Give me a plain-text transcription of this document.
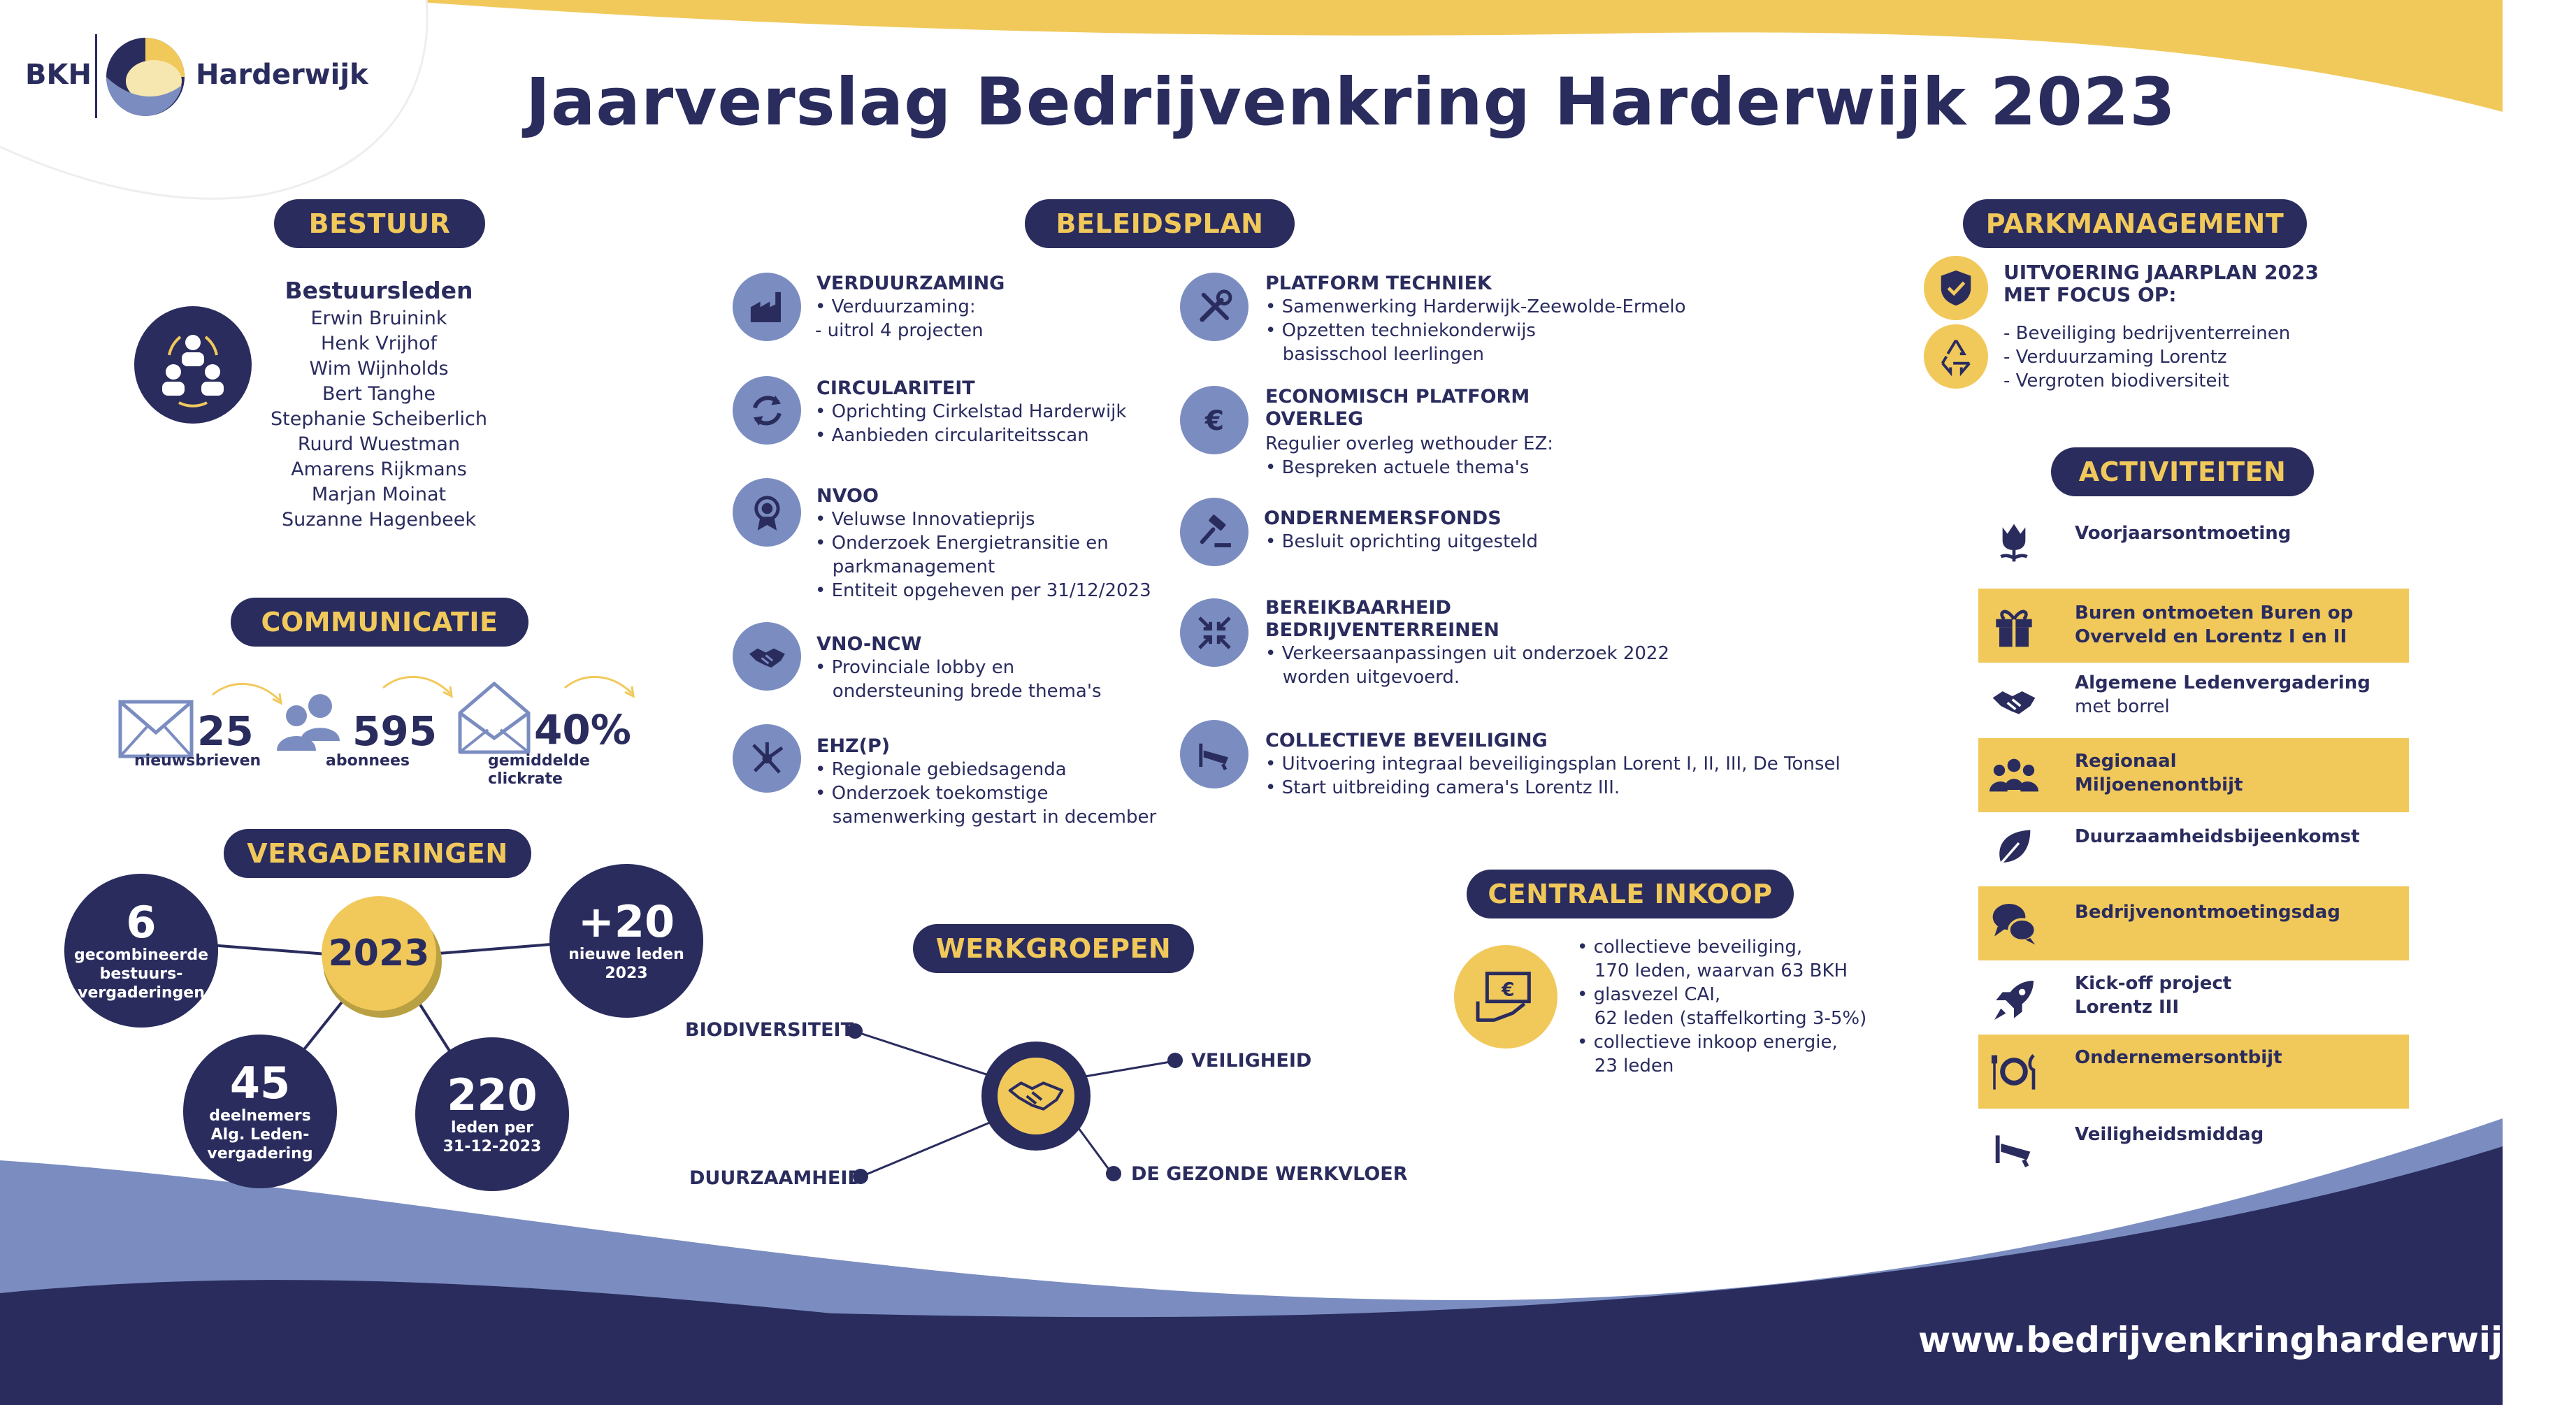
BKH	Harderwijk Jaarverslag Bedrijvenkring Harderwijk 2023
BESTUUR
Bestuursleden
Erwin Bruinink
Henk Vrijhof
Wim Wijnholds
Bert Tanghe
Stephanie Scheiberlich
Ruurd Wuestman
Amarens Rijkmans
Marjan Moinat
Suzanne Hagenbeek
COMMUNICATIE
25
nieuwsbrieven
595
abonnees
40%
gemiddelde
clickrate
VERGADERINGEN
2023
6
gecombineerde
bestuurs-
vergaderingen
+20
nieuwe leden
2023
45
deelnemers
Alg. Leden-
vergadering
220
leden per
31-12-2023
BELEIDSPLAN
VERDUURZAMING
• Verduurzaming:
- uitrol 4 projecten
CIRCULARITEIT
• Oprichting Cirkelstad Harderwijk
• Aanbieden circulariteitsscan
NVOO
• Veluwse Innovatieprijs
• Onderzoek Energietransitie en
parkmanagement
• Entiteit opgeheven per 31/12/2023
VNO-NCW
• Provinciale lobby en
ondersteuning brede thema's
EHZ(P)
• Regionale gebiedsagenda
• Onderzoek toekomstige
samenwerking gestart in december
€
PLATFORM TECHNIEK
• Samenwerking Harderwijk-Zeewolde-Ermelo
• Opzetten techniekonderwijs
basisschool leerlingen
ECONOMISCH PLATFORM
OVERLEG
Regulier overleg wethouder EZ:
• Bespreken actuele thema's
ONDERNEMERSFONDS
• Besluit oprichting uitgesteld
BEREIKBAARHEID
BEDRIJVENTERREINEN
• Verkeersaanpassingen uit onderzoek 2022
worden uitgevoerd.
COLLECTIEVE BEVEILIGING
• Uitvoering integraal beveiligingsplan Lorent I, II, III, De Tonsel
• Start uitbreiding camera's Lorentz III.
WERKGROEPEN
BIODIVERSITEIT
VEILIGHEID
DUURZAAMHEID	DE GEZONDE WERKVLOER
CENTRALE INKOOP
€
• collectieve beveiliging,
170 leden, waarvan 63 BKH
• glasvezel CAI,
62 leden (staffelkorting 3-5%)
• collectieve inkoop energie,
23 leden
PARKMANAGEMENT
UITVOERING JAARPLAN 2023
MET FOCUS OP:
- Beveiliging bedrijventerreinen
- Verduurzaming Lorentz
- Vergroten biodiversiteit
ACTIVITEITEN
Voorjaarsontmoeting
Buren ontmoeten Buren op
Overveld en Lorentz I en II
Algemene Ledenvergadering
met borrel
Regionaal
Miljoenenontbijt
Duurzaamheidsbijeenkomst
Bedrijvenontmoetingsdag
Kick-off project
Lorentz III
Ondernemersontbijt
Veiligheidsmiddag
www.bedrijvenkringharderwijk.nl
